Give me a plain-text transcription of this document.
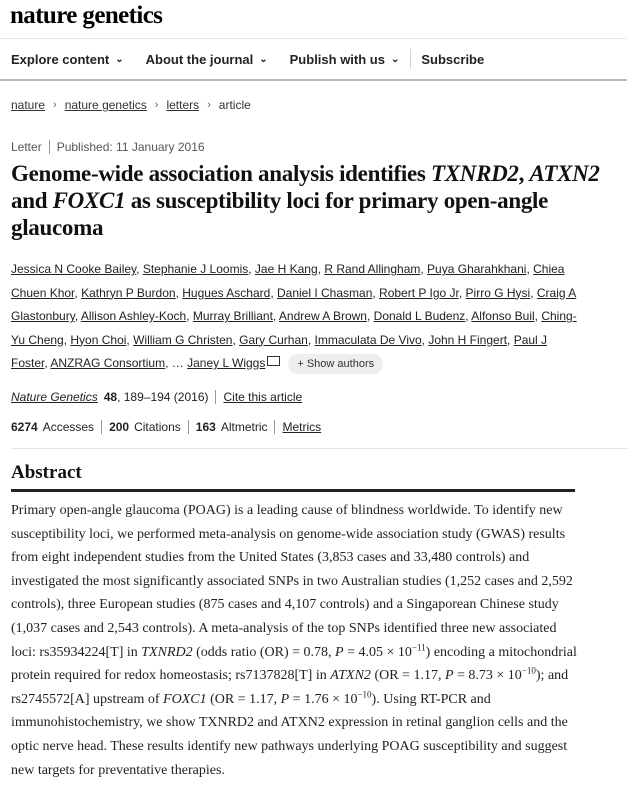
nature genetics
Explore content ⌄ About the journal ⌄ Publish with us ⌄ Subscribe
nature › nature genetics › letters › article
Letter Published: 11 January 2016
Genome-wide association analysis identifies TXNRD2, ATXN2 and FOXC1 as susceptibility loci for primary open-angle glaucoma
Jessica N Cooke Bailey, Stephanie J Loomis, Jae H Kang, R Rand Allingham, Puya Gharahkhani, Chiea Chuen Khor, Kathryn P Burdon, Hugues Aschard, Daniel I Chasman, Robert P Igo Jr, Pirro G Hysi, Craig A Glastonbury, Allison Ashley-Koch, Murray Brilliant, Andrew A Brown, Donald L Budenz, Alfonso Buil, Ching-Yu Cheng, Hyon Choi, William G Christen, Gary Curhan, Immaculata De Vivo, John H Fingert, Paul J Foster, ANZRAG Consortium, … Janey L Wiggs	+ Show authors
Nature Genetics 48 , 189–194 (2016) Cite this article
6274 Accesses 200 Citations 163 Altmetric Metrics
Abstract

Primary open-angle glaucoma (POAG) is a leading cause of blindness worldwide. To identify new susceptibility loci, we performed meta-analysis on genome-wide association study (GWAS) results from eight independent studies from the United States (3,853 cases and 33,480 controls) and investigated the most significantly associated SNPs in two Australian studies (1,252 cases and 2,592 controls), three European studies (875 cases and 4,107 controls) and a Singaporean Chinese study (1,037 cases and 2,543 controls). A meta-analysis of the top SNPs identified three new associated loci: rs35934224[T] in TXNRD2 (odds ratio (OR) = 0.78, $P = 4.05 \times 10^{-11}$) encoding a mitochondrial protein required for redox homeostasis; rs7137828[T] in ATXN2 (OR = 1.17, $P = 8.73 \times 10^{-10}$); and rs2745572[A] upstream of FOXC1 (OR = 1.17, $P = 1.76 \times 10^{-10}$). Using RT-PCR and immunohistochemistry, we show TXNRD2 and ATXN2 expression in retinal ganglion cells and the optic nerve head. These results identify new pathways underlying POAG susceptibility and suggest new targets for preventative therapies.
